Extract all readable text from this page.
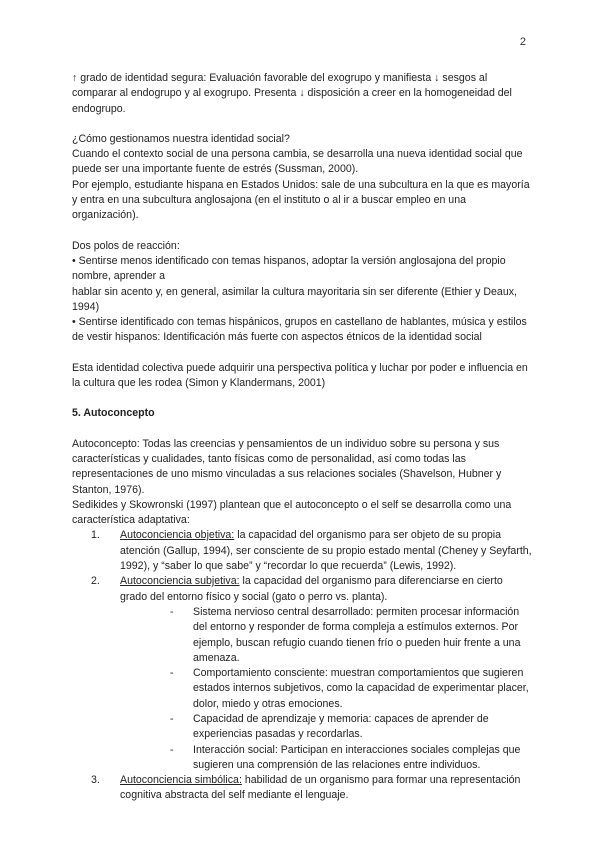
2

↑ grado de identidad segura: Evaluación favorable del exogrupo y manifiesta ↓ sesgos al comparar al endogrupo y al exogrupo. Presenta ↓ disposición a creer en la homogeneidad del endogrupo.

¿Cómo gestionamos nuestra identidad social?

Cuando el contexto social de una persona cambia, se desarrolla una nueva identidad social que puede ser una importante fuente de estrés (Sussman, 2000).

Por ejemplo, estudiante hispana en Estados Unidos: sale de una subcultura en la que es mayoría y entra en una subcultura anglosajona (en el instituto o al ir a buscar empleo en una organización).

Dos polos de reacción:

• Sentirse menos identificado con temas hispanos, adoptar la versión anglosajona del propio nombre, aprender a

hablar sin acento y, en general, asimilar la cultura mayoritaria sin ser diferente (Ethier y Deaux, 1994)

• Sentirse identificado con temas hispánicos, grupos en castellano de hablantes, música y estilos de vestir hispanos: Identificación más fuerte con aspectos étnicos de la identidad social

Esta identidad colectiva puede adquirir una perspectiva política y luchar por poder e influencia en la cultura que les rodea (Simon y Klandermans, 2001)

5. Autoconcepto

Autoconcepto: Todas las creencias y pensamientos de un individuo sobre su persona y sus características y cualidades, tanto físicas como de personalidad, así como todas las representaciones de uno mismo vinculadas a sus relaciones sociales (Shavelson, Hubner y Stanton, 1976).

Sedikides y Skowronski (1997) plantean que el autoconcepto o el self se desarrolla como una característica adaptativa:

1. Autoconciencia objetiva: la capacidad del organismo para ser objeto de su propia atención (Gallup, 1994), ser consciente de su propio estado mental (Cheney y Seyfarth, 1992), y “saber lo que sabe” y “recordar lo que recuerda” (Lewis, 1992).
2. Autoconciencia subjetiva: la capacidad del organismo para diferenciarse en cierto grado del entorno físico y social (gato o perro vs. planta).
- Sistema nervioso central desarrollado: permiten procesar información del entorno y responder de forma compleja a estímulos externos. Por ejemplo, buscan refugio cuando tienen frío o pueden huir frente a una amenaza.
- Comportamiento consciente: muestran comportamientos que sugieren estados internos subjetivos, como la capacidad de experimentar placer, dolor, miedo y otras emociones.
- Capacidad de aprendizaje y memoria: capaces de aprender de experiencias pasadas y recordarlas.
- Interacción social: Participan en interacciones sociales complejas que sugieren una comprensión de las relaciones entre individuos.
3. Autoconciencia simbólica: habilidad de un organismo para formar una representación cognitiva abstracta del self mediante el lenguaje.
